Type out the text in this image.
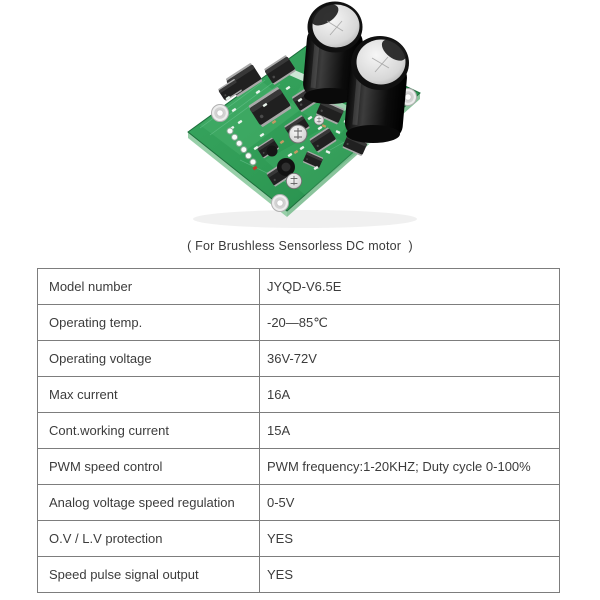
( For Brushless Sensorless DC motor  )
Model number	JYQD-V6.5E
Operating temp.	-20—85℃
Operating voltage	36V-72V
Max current	16A
Cont.working current	15A
PWM speed control	PWM frequency:1-20KHZ; Duty cycle 0-100%
Analog voltage speed regulation	0-5V
O.V / L.V protection	YES
Speed pulse signal output	YES
